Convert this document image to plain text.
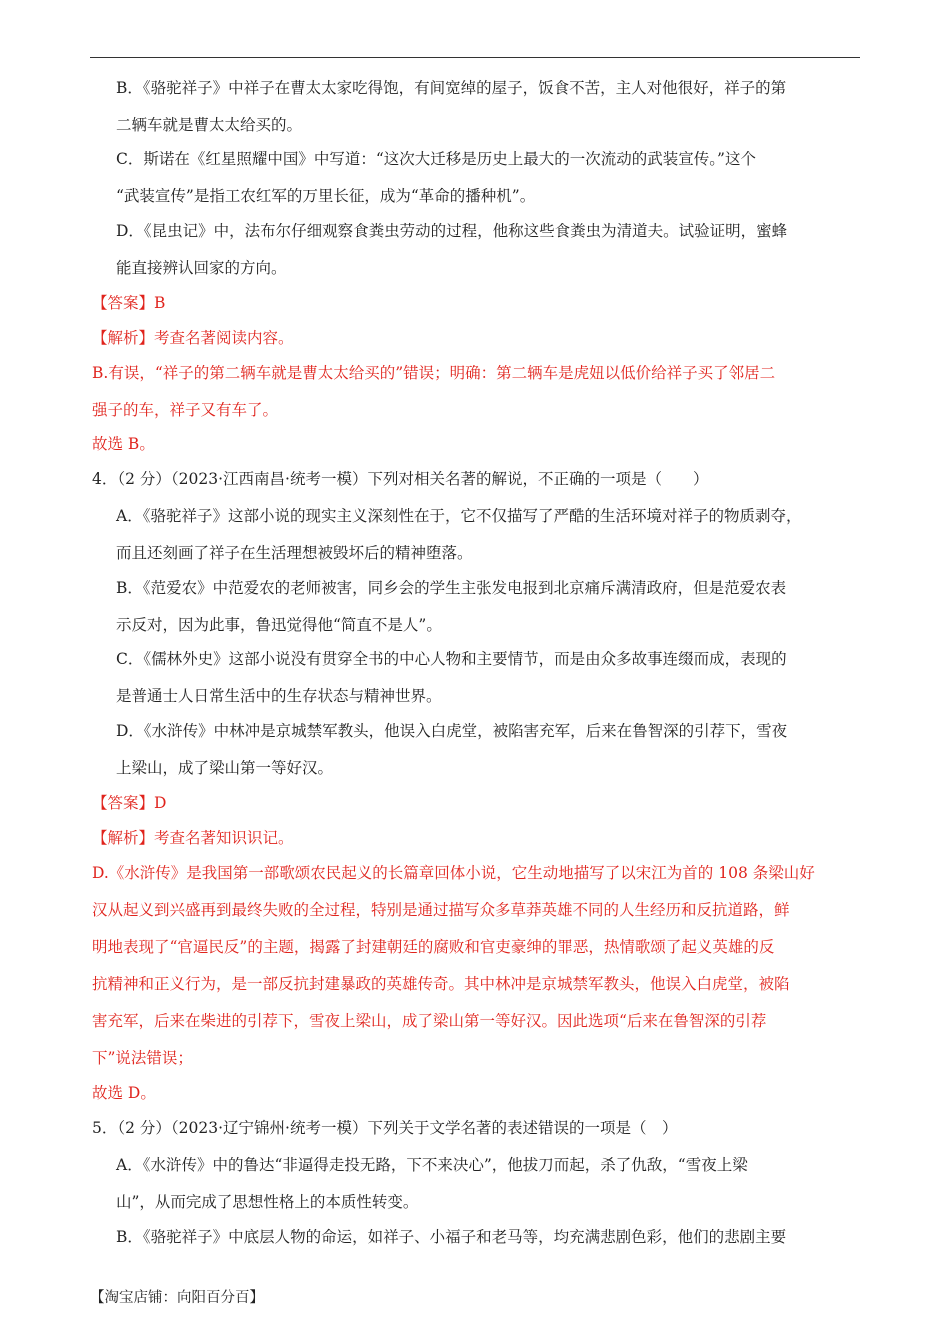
B．《骆驼祥子》中祥子在曹太太家吃得饱，有间宽绰的屋子，饭食不苦，主人对他很好，祥子的第
二辆车就是曹太太给买的。
C．斯诺在《红星照耀中国》中写道：“这次大迁移是历史上最大的一次流动的武装宣传。”这个
“武装宣传”是指工农红军的万里长征，成为“革命的播种机”。
D．《昆虫记》中，法布尔仔细观察食粪虫劳动的过程，他称这些食粪虫为清道夫。试验证明，蜜蜂
能直接辨认回家的方向。
【答案】B
【解析】考查名著阅读内容。
B.有误，“祥子的第二辆车就是曹太太给买的”错误；明确：第二辆车是虎妞以低价给祥子买了邻居二
强子的车，祥子又有车了。
故选 B。
4．（2 分）（2023·江西南昌·统考一模）下列对相关名著的解说，不正确的一项是（　　）
A．《骆驼祥子》这部小说的现实主义深刻性在于，它不仅描写了严酷的生活环境对祥子的物质剥夺，
而且还刻画了祥子在生活理想被毁坏后的精神堕落。
B．《范爱农》中范爱农的老师被害，同乡会的学生主张发电报到北京痛斥满清政府，但是范爱农表
示反对，因为此事，鲁迅觉得他“简直不是人”。
C．《儒林外史》这部小说没有贯穿全书的中心人物和主要情节，而是由众多故事连缀而成，表现的
是普通士人日常生活中的生存状态与精神世界。
D．《水浒传》中林冲是京城禁军教头，他误入白虎堂，被陷害充军，后来在鲁智深的引荐下，雪夜
上梁山，成了梁山第一等好汉。
【答案】D
【解析】考查名著知识识记。
D.《水浒传》是我国第一部歌颂农民起义的长篇章回体小说，它生动地描写了以宋江为首的 108 条梁山好
汉从起义到兴盛再到最终失败的全过程，特别是通过描写众多草莽英雄不同的人生经历和反抗道路，鲜
明地表现了“官逼民反”的主题，揭露了封建朝廷的腐败和官吏豪绅的罪恶，热情歌颂了起义英雄的反
抗精神和正义行为，是一部反抗封建暴政的英雄传奇。其中林冲是京城禁军教头，他误入白虎堂，被陷
害充军，后来在柴进的引荐下，雪夜上梁山，成了梁山第一等好汉。因此选项“后来在鲁智深的引荐
下”说法错误；
故选 D。
5．（2 分）（2023·辽宁锦州·统考一模）下列关于文学名著的表述错误的一项是（　）
A．《水浒传》中的鲁达“非逼得走投无路，下不来决心”，他拔刀而起，杀了仇敌，“雪夜上梁
山”，从而完成了思想性格上的本质性转变。
B．《骆驼祥子》中底层人物的命运，如祥子、小福子和老马等，均充满悲剧色彩，他们的悲剧主要
【淘宝店铺：向阳百分百】
